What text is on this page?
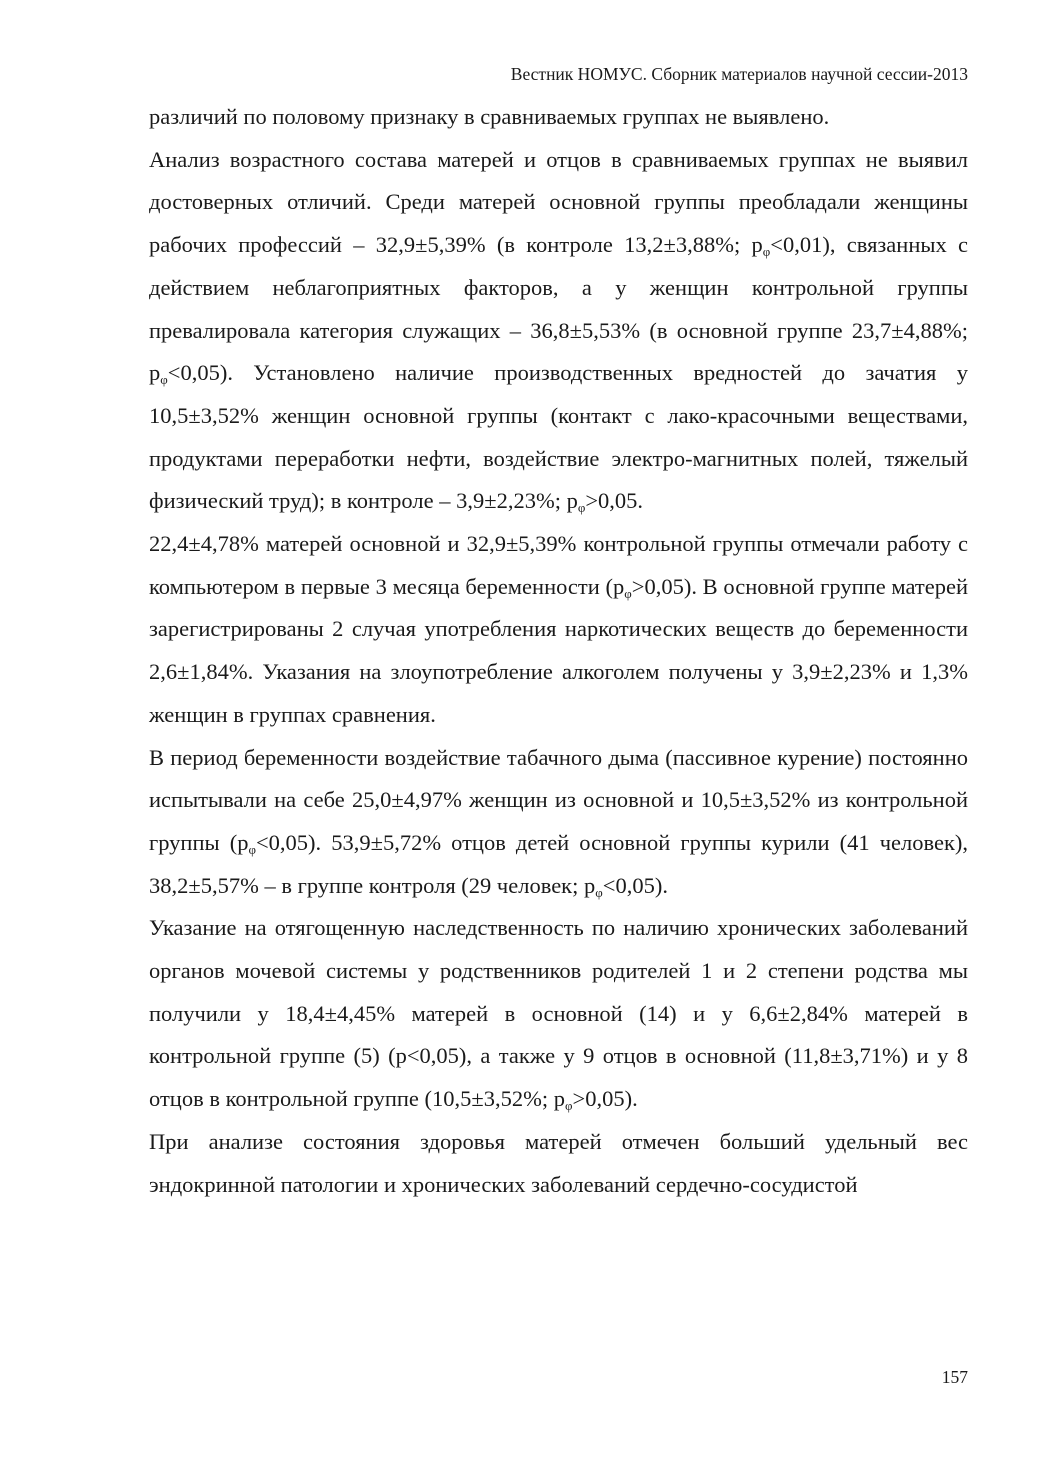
Вестник НОМУС. Сборник материалов научной сессии-2013

различий по половому признаку в сравниваемых группах не выявлено.

Анализ возрастного состава матерей и отцов в сравниваемых группах не выявил достоверных отличий. Среди матерей основной группы преобладали женщины рабочих профессий – 32,9±5,39% (в контроле 13,2±3,88%; $p_\varphi<0,01$), связанных с действием неблагоприятных факторов, а у женщин контрольной группы превалировала категория служащих – 36,8±5,53% (в основной группе 23,7±4,88%; $p_\varphi<0,05$). Установлено наличие производственных вредностей до зачатия у 10,5±3,52% женщин основной группы (контакт с лако-красочными веществами, продуктами переработки нефти, воздействие электро-магнитных полей, тяжелый физический труд); в контроле – 3,9±2,23%; $p_\varphi>0,05$.

22,4±4,78% матерей основной и 32,9±5,39% контрольной группы отмечали работу с компьютером в первые 3 месяца беременности $(p_\varphi>0,05)$. В основной группе матерей зарегистрированы 2 случая употребления наркотических веществ до беременности 2,6±1,84%. Указания на злоупотребление алкоголем получены у 3,9±2,23% и 1,3% женщин в группах сравнения.

В период беременности воздействие табачного дыма (пассивное курение) постоянно испытывали на себе 25,0±4,97% женщин из основной и 10,5±3,52% из контрольной группы $(p_\varphi<0,05)$. 53,9±5,72% отцов детей основной группы курили (41 человек), 38,2±5,57% – в группе контроля (29 человек; $p_\varphi<0,05$).

Указание на отягощенную наследственность по наличию хронических заболеваний органов мочевой системы у родственников родителей 1 и 2 степени родства мы получили у 18,4±4,45% матерей в основной (14) и у 6,6±2,84% матерей в контрольной группе (5) (p<0,05), а также у 9 отцов в основной (11,8±3,71%) и у 8 отцов в контрольной группе (10,5±3,52%; $p_\varphi>0,05$).

При анализе состояния здоровья матерей отмечен больший удельный вес эндокринной патологии и хронических заболеваний сердечно-сосудистой

157
